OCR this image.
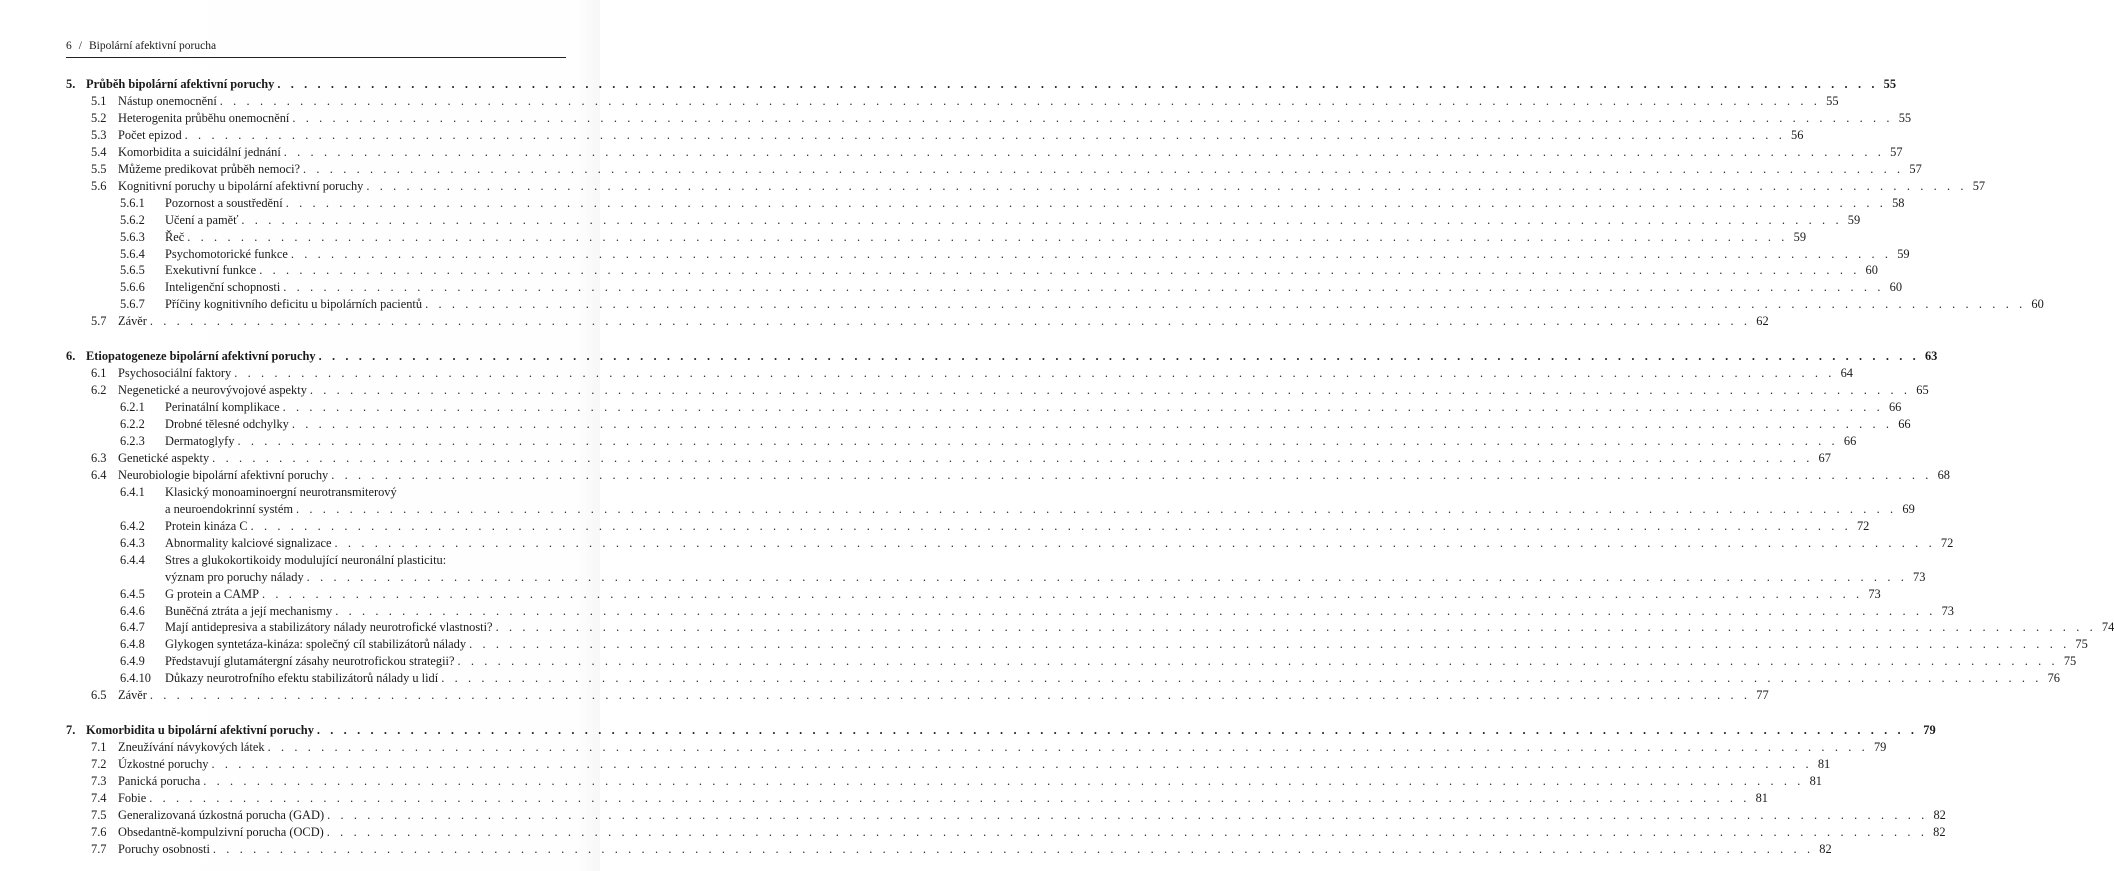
6 / Bipolární afektivní porucha
5. Průběh bipolární afektivní poruchy . . . . . . . . . . . . . . . . . . . . . . . . . . . . . . . . . . . . . . . . . . . . . . . . . . . . . . . . . . . . . . . . . . . . . . . . . . . . . . . . . . . . . . . . . . . . . . . . . . . . . . . . . . . . . . . . . . . . . . . . 55
5.1 Nástup onemocnění . . . . . . . . . . . . . . . . . . . . . . . . . . . . . . . . . . . . . . . . . . . . . . . . . . . . . . . . . . . . . . . . . . . . . . . . . . . . . . . . . . . . . . . . . . . . . . . . . . . . . . . . . . . . . . . . . . . . . . . . 55
5.2 Heterogenita průběhu onemocnění . . . . . . . . . . . . . . . . . . . . . . . . . . . . . . . . . . . . . . . . . . . . . . . . . . . . . . . . . . . . . . . . . . . . . . . . . . . . . . . . . . . . . . . . . . . . . . . . . . . . . . . . . . . . . . . . . . . . . . . . 55
5.3 Počet epizod . . . . . . . . . . . . . . . . . . . . . . . . . . . . . . . . . . . . . . . . . . . . . . . . . . . . . . . . . . . . . . . . . . . . . . . . . . . . . . . . . . . . . . . . . . . . . . . . . . . . . . . . . . . . . . . . . . . . . . . . 56
5.4 Komorbidita a suicidální jednání . . . . . . . . . . . . . . . . . . . . . . . . . . . . . . . . . . . . . . . . . . . . . . . . . . . . . . . . . . . . . . . . . . . . . . . . . . . . . . . . . . . . . . . . . . . . . . . . . . . . . . . . . . . . . . . . . . . . . . . . 57
5.5 Můžeme predikovat průběh nemoci? . . . . . . . . . . . . . . . . . . . . . . . . . . . . . . . . . . . . . . . . . . . . . . . . . . . . . . . . . . . . . . . . . . . . . . . . . . . . . . . . . . . . . . . . . . . . . . . . . . . . . . . . . . . . . . . . . . . . . . . . 57
5.6 Kognitivní poruchy u bipolární afektivní poruchy . . . . . . . . . . . . . . . . . . . . . . . . . . . . . . . . . . . . . . . . . . . . . . . . . . . . . . . . . . . . . . . . . . . . . . . . . . . . . . . . . . . . . . . . . . . . . . . . . . . . . . . . . . . . . . . . . . . . . . . . 57
5.6.1	Pozornost a soustředění . . . . . . . . . . . . . . . . . . . . . . . . . . . . . . . . . . . . . . . . . . . . . . . . . . . . . . . . . . . . . . . . . . . . . . . . . . . . . . . . . . . . . . . . . . . . . . . . . . . . . . . . . . . . . . . . . . . . . . . . 58
5.6.2	Učení a paměť . . . . . . . . . . . . . . . . . . . . . . . . . . . . . . . . . . . . . . . . . . . . . . . . . . . . . . . . . . . . . . . . . . . . . . . . . . . . . . . . . . . . . . . . . . . . . . . . . . . . . . . . . . . . . . . . . . . . . . . . 59
5.6.3	Řeč . . . . . . . . . . . . . . . . . . . . . . . . . . . . . . . . . . . . . . . . . . . . . . . . . . . . . . . . . . . . . . . . . . . . . . . . . . . . . . . . . . . . . . . . . . . . . . . . . . . . . . . . . . . . . . . . . . . . . . . . 59
5.6.4	Psychomotorické funkce . . . . . . . . . . . . . . . . . . . . . . . . . . . . . . . . . . . . . . . . . . . . . . . . . . . . . . . . . . . . . . . . . . . . . . . . . . . . . . . . . . . . . . . . . . . . . . . . . . . . . . . . . . . . . . . . . . . . . . . . 59
5.6.5	Exekutivní funkce . . . . . . . . . . . . . . . . . . . . . . . . . . . . . . . . . . . . . . . . . . . . . . . . . . . . . . . . . . . . . . . . . . . . . . . . . . . . . . . . . . . . . . . . . . . . . . . . . . . . . . . . . . . . . . . . . . . . . . . . 60
5.6.6	Inteligenční schopnosti . . . . . . . . . . . . . . . . . . . . . . . . . . . . . . . . . . . . . . . . . . . . . . . . . . . . . . . . . . . . . . . . . . . . . . . . . . . . . . . . . . . . . . . . . . . . . . . . . . . . . . . . . . . . . . . . . . . . . . . . 60
5.6.7	Příčiny kognitivního deficitu u bipolárních pacientů . . . . . . . . . . . . . . . . . . . . . . . . . . . . . . . . . . . . . . . . . . . . . . . . . . . . . . . . . . . . . . . . . . . . . . . . . . . . . . . . . . . . . . . . . . . . . . . . . . . . . . . . . . . . . . . . . . . . . . . . 60
5.7 Závěr . . . . . . . . . . . . . . . . . . . . . . . . . . . . . . . . . . . . . . . . . . . . . . . . . . . . . . . . . . . . . . . . . . . . . . . . . . . . . . . . . . . . . . . . . . . . . . . . . . . . . . . . . . . . . . . . . . . . . . . . 62
6. Etiopatogeneze bipolární afektivní poruchy . . . . . . . . . . . . . . . . . . . . . . . . . . . . . . . . . . . . . . . . . . . . . . . . . . . . . . . . . . . . . . . . . . . . . . . . . . . . . . . . . . . . . . . . . . . . . . . . . . . . . . . . . . . . . . . . . . . . . . . . 63
6.1 Psychosociální faktory . . . . . . . . . . . . . . . . . . . . . . . . . . . . . . . . . . . . . . . . . . . . . . . . . . . . . . . . . . . . . . . . . . . . . . . . . . . . . . . . . . . . . . . . . . . . . . . . . . . . . . . . . . . . . . . . . . . . . . . . 64
6.2 Negenetické a neurovývojové aspekty . . . . . . . . . . . . . . . . . . . . . . . . . . . . . . . . . . . . . . . . . . . . . . . . . . . . . . . . . . . . . . . . . . . . . . . . . . . . . . . . . . . . . . . . . . . . . . . . . . . . . . . . . . . . . . . . . . . . . . . . 65
6.2.1	Perinatální komplikace . . . . . . . . . . . . . . . . . . . . . . . . . . . . . . . . . . . . . . . . . . . . . . . . . . . . . . . . . . . . . . . . . . . . . . . . . . . . . . . . . . . . . . . . . . . . . . . . . . . . . . . . . . . . . . . . . . . . . . . . 66
6.2.2	Drobné tělesné odchylky . . . . . . . . . . . . . . . . . . . . . . . . . . . . . . . . . . . . . . . . . . . . . . . . . . . . . . . . . . . . . . . . . . . . . . . . . . . . . . . . . . . . . . . . . . . . . . . . . . . . . . . . . . . . . . . . . . . . . . . . 66
6.2.3	Dermatoglyfy . . . . . . . . . . . . . . . . . . . . . . . . . . . . . . . . . . . . . . . . . . . . . . . . . . . . . . . . . . . . . . . . . . . . . . . . . . . . . . . . . . . . . . . . . . . . . . . . . . . . . . . . . . . . . . . . . . . . . . . . 66
6.3 Genetické aspekty . . . . . . . . . . . . . . . . . . . . . . . . . . . . . . . . . . . . . . . . . . . . . . . . . . . . . . . . . . . . . . . . . . . . . . . . . . . . . . . . . . . . . . . . . . . . . . . . . . . . . . . . . . . . . . . . . . . . . . . . 67
6.4 Neurobiologie bipolární afektivní poruchy . . . . . . . . . . . . . . . . . . . . . . . . . . . . . . . . . . . . . . . . . . . . . . . . . . . . . . . . . . . . . . . . . . . . . . . . . . . . . . . . . . . . . . . . . . . . . . . . . . . . . . . . . . . . . . . . . . . . . . . . 68
6.4.1	Klasický monoaminoergní neurotransmiterový
a neuroendokrinní systém . . . . . . . . . . . . . . . . . . . . . . . . . . . . . . . . . . . . . . . . . . . . . . . . . . . . . . . . . . . . . . . . . . . . . . . . . . . . . . . . . . . . . . . . . . . . . . . . . . . . . . . . . . . . . . . . . . . . . . . . 69
6.4.2	Protein kináza C . . . . . . . . . . . . . . . . . . . . . . . . . . . . . . . . . . . . . . . . . . . . . . . . . . . . . . . . . . . . . . . . . . . . . . . . . . . . . . . . . . . . . . . . . . . . . . . . . . . . . . . . . . . . . . . . . . . . . . . . 72
6.4.3	Abnormality kalciové signalizace . . . . . . . . . . . . . . . . . . . . . . . . . . . . . . . . . . . . . . . . . . . . . . . . . . . . . . . . . . . . . . . . . . . . . . . . . . . . . . . . . . . . . . . . . . . . . . . . . . . . . . . . . . . . . . . . . . . . . . . . 72
6.4.4	Stres a glukokortikoidy modulující neuronální plasticitu:
význam pro poruchy nálady . . . . . . . . . . . . . . . . . . . . . . . . . . . . . . . . . . . . . . . . . . . . . . . . . . . . . . . . . . . . . . . . . . . . . . . . . . . . . . . . . . . . . . . . . . . . . . . . . . . . . . . . . . . . . . . . . . . . . . . . 73
6.4.5	G protein a CAMP . . . . . . . . . . . . . . . . . . . . . . . . . . . . . . . . . . . . . . . . . . . . . . . . . . . . . . . . . . . . . . . . . . . . . . . . . . . . . . . . . . . . . . . . . . . . . . . . . . . . . . . . . . . . . . . . . . . . . . . . 73
6.4.6	Buněčná ztráta a její mechanismy . . . . . . . . . . . . . . . . . . . . . . . . . . . . . . . . . . . . . . . . . . . . . . . . . . . . . . . . . . . . . . . . . . . . . . . . . . . . . . . . . . . . . . . . . . . . . . . . . . . . . . . . . . . . . . . . . . . . . . . . 73
6.4.7	Mají antidepresiva a stabilizátory nálady neurotrofické vlastnosti? . . . . . . . . . . . . . . . . . . . . . . . . . . . . . . . . . . . . . . . . . . . . . . . . . . . . . . . . . . . . . . . . . . . . . . . . . . . . . . . . . . . . . . . . . . . . . . . . . . . . . . . . . . . . . . . . . . . . . . . . 74
6.4.8	Glykogen syntetáza-kináza: společný cíl stabilizátorů nálady . . . . . . . . . . . . . . . . . . . . . . . . . . . . . . . . . . . . . . . . . . . . . . . . . . . . . . . . . . . . . . . . . . . . . . . . . . . . . . . . . . . . . . . . . . . . . . . . . . . . . . . . . . . . . . . . . . . . . . . . 75
6.4.9	Představují glutamátergní zásahy neurotrofickou strategii? . . . . . . . . . . . . . . . . . . . . . . . . . . . . . . . . . . . . . . . . . . . . . . . . . . . . . . . . . . . . . . . . . . . . . . . . . . . . . . . . . . . . . . . . . . . . . . . . . . . . . . . . . . . . . . . . . . . . . . . . 75
6.4.10	Důkazy neurotrofního efektu stabilizátorů nálady u lidí . . . . . . . . . . . . . . . . . . . . . . . . . . . . . . . . . . . . . . . . . . . . . . . . . . . . . . . . . . . . . . . . . . . . . . . . . . . . . . . . . . . . . . . . . . . . . . . . . . . . . . . . . . . . . . . . . . . . . . . . 76
6.5 Závěr . . . . . . . . . . . . . . . . . . . . . . . . . . . . . . . . . . . . . . . . . . . . . . . . . . . . . . . . . . . . . . . . . . . . . . . . . . . . . . . . . . . . . . . . . . . . . . . . . . . . . . . . . . . . . . . . . . . . . . . . 77
7. Komorbidita u bipolární afektivní poruchy . . . . . . . . . . . . . . . . . . . . . . . . . . . . . . . . . . . . . . . . . . . . . . . . . . . . . . . . . . . . . . . . . . . . . . . . . . . . . . . . . . . . . . . . . . . . . . . . . . . . . . . . . . . . . . . . . . . . . . . . 79
7.1 Zneužívání návykových látek . . . . . . . . . . . . . . . . . . . . . . . . . . . . . . . . . . . . . . . . . . . . . . . . . . . . . . . . . . . . . . . . . . . . . . . . . . . . . . . . . . . . . . . . . . . . . . . . . . . . . . . . . . . . . . . . . . . . . . . . 79
7.2 Úzkostné poruchy . . . . . . . . . . . . . . . . . . . . . . . . . . . . . . . . . . . . . . . . . . . . . . . . . . . . . . . . . . . . . . . . . . . . . . . . . . . . . . . . . . . . . . . . . . . . . . . . . . . . . . . . . . . . . . . . . . . . . . . . 81
7.3 Panická porucha . . . . . . . . . . . . . . . . . . . . . . . . . . . . . . . . . . . . . . . . . . . . . . . . . . . . . . . . . . . . . . . . . . . . . . . . . . . . . . . . . . . . . . . . . . . . . . . . . . . . . . . . . . . . . . . . . . . . . . . . 81
7.4 Fobie . . . . . . . . . . . . . . . . . . . . . . . . . . . . . . . . . . . . . . . . . . . . . . . . . . . . . . . . . . . . . . . . . . . . . . . . . . . . . . . . . . . . . . . . . . . . . . . . . . . . . . . . . . . . . . . . . . . . . . . . 81
7.5 Generalizovaná úzkostná porucha (GAD) . . . . . . . . . . . . . . . . . . . . . . . . . . . . . . . . . . . . . . . . . . . . . . . . . . . . . . . . . . . . . . . . . . . . . . . . . . . . . . . . . . . . . . . . . . . . . . . . . . . . . . . . . . . . . . . . . . . . . . . . 82
7.6 Obsedantně-kompulzivní porucha (OCD) . . . . . . . . . . . . . . . . . . . . . . . . . . . . . . . . . . . . . . . . . . . . . . . . . . . . . . . . . . . . . . . . . . . . . . . . . . . . . . . . . . . . . . . . . . . . . . . . . . . . . . . . . . . . . . . . . . . . . . . . 82
7.7 Poruchy osobnosti . . . . . . . . . . . . . . . . . . . . . . . . . . . . . . . . . . . . . . . . . . . . . . . . . . . . . . . . . . . . . . . . . . . . . . . . . . . . . . . . . . . . . . . . . . . . . . . . . . . . . . . . . . . . . . . . . . . . . . . . 82
